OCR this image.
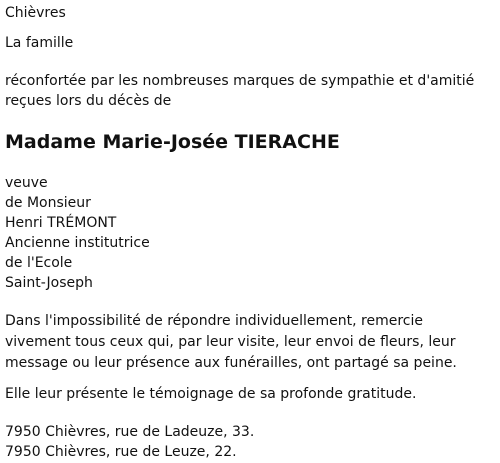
Chièvres

La famille

réconfortée par les nombreuses marques de sympathie et d'amitié

reçues lors du décès de

Madame Marie-Josée TIERACHE

veuve

de Monsieur

Henri TRÉMONT

Ancienne institutrice

de l'Ecole

Saint-Joseph

Dans l'impossibilité de répondre individuellement, remercie vivement tous ceux qui, par leur visite, leur envoi de fleurs, leur message ou leur présence aux funérailles, ont partagé sa peine.

Elle leur présente le témoignage de sa profonde gratitude.

7950 Chièvres, rue de Ladeuze, 33.

7950 Chièvres, rue de Leuze, 22.
